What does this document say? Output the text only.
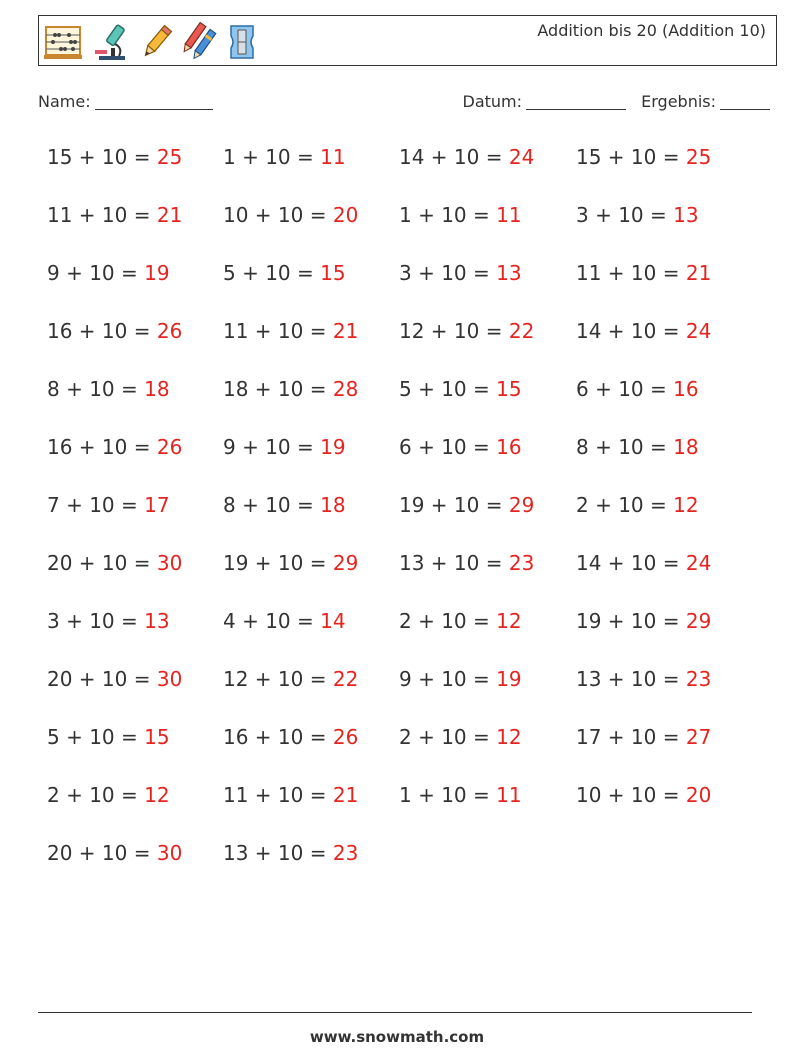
Addition bis 20 (Addition 10)
Name:	Datum:	Ergebnis:
15 + 10 = 25
11 + 10 = 21
9 + 10 = 19
16 + 10 = 26
8 + 10 = 18
16 + 10 = 26
7 + 10 = 17
20 + 10 = 30
3 + 10 = 13
20 + 10 = 30
5 + 10 = 15
2 + 10 = 12
20 + 10 = 30
1 + 10 = 11
10 + 10 = 20
5 + 10 = 15
11 + 10 = 21
18 + 10 = 28
9 + 10 = 19
8 + 10 = 18
19 + 10 = 29
4 + 10 = 14
12 + 10 = 22
16 + 10 = 26
11 + 10 = 21
13 + 10 = 23
14 + 10 = 24
1 + 10 = 11
3 + 10 = 13
12 + 10 = 22
5 + 10 = 15
6 + 10 = 16
19 + 10 = 29
13 + 10 = 23
2 + 10 = 12
9 + 10 = 19
2 + 10 = 12
1 + 10 = 11
15 + 10 = 25
3 + 10 = 13
11 + 10 = 21
14 + 10 = 24
6 + 10 = 16
8 + 10 = 18
2 + 10 = 12
14 + 10 = 24
19 + 10 = 29
13 + 10 = 23
17 + 10 = 27
10 + 10 = 20
www.snowmath.com
